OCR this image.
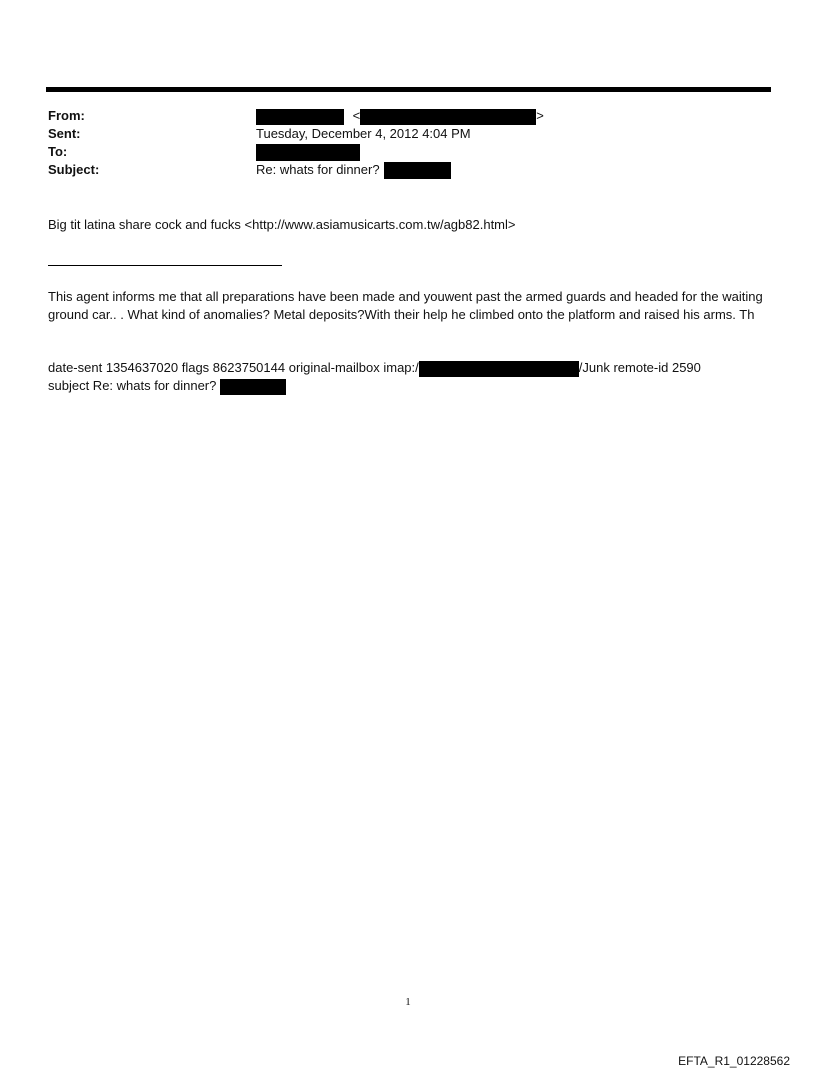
From:
Sent:
To:
Subject:
<	>
Tuesday, December 4, 2012 4:04 PM
Re: whats for dinner?
Big tit latina share cock and fucks <http://www.asiamusicarts.com.tw/agb82.html>
This agent informs me that all preparations have been made and youwent past the armed guards and headed for the waiting ground car.. . What kind of anomalies? Metal deposits?With their help he climbed onto the platform and raised his arms. Th
date-sent 1354637020 flags 8623750144 original-mailbox imap:/	/Junk remote-id 2590
subject Re: whats for dinner?
1
EFTA_R1_01228562
